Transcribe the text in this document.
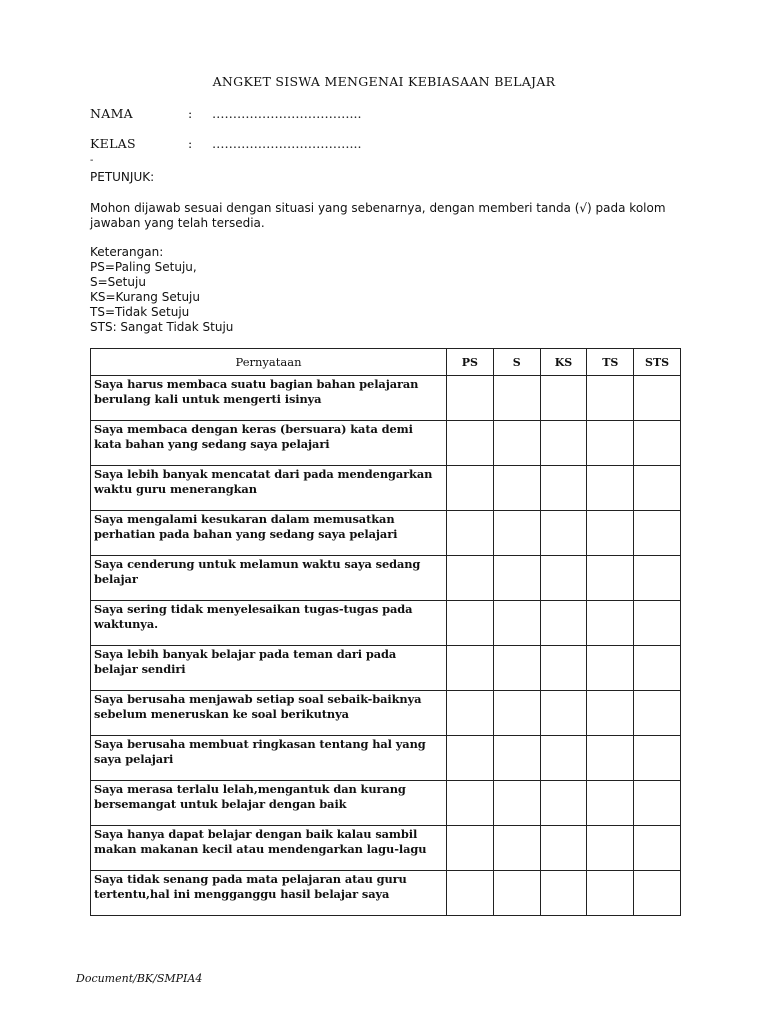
ANGKET SISWA MENGENAI KEBIASAAN BELAJAR
NAMA	: ……………………………...
KELAS	: ……………………………...
-
PETUNJUK:
Mohon dijawab sesuai dengan situasi yang sebenarnya, dengan memberi tanda (√) pada kolom jawaban yang telah tersedia.
Keterangan:
PS=Paling Setuju,
S=Setuju
KS=Kurang Setuju
TS=Tidak Setuju
STS: Sangat Tidak Stuju
Pernyataan	PS	S	KS	TS	STS
Saya harus membaca suatu bagian bahan pelajaran berulang kali untuk mengerti isinya					
Saya membaca dengan keras (bersuara) kata demi kata bahan yang sedang saya pelajari					
Saya lebih banyak mencatat dari pada mendengarkan waktu guru menerangkan					
Saya mengalami kesukaran dalam memusatkan perhatian pada bahan yang sedang saya pelajari					
Saya cenderung untuk melamun waktu saya sedang belajar					
Saya sering tidak menyelesaikan tugas-tugas pada waktunya.					
Saya lebih banyak belajar pada teman dari pada belajar sendiri					
Saya berusaha menjawab setiap soal sebaik-baiknya sebelum meneruskan ke soal berikutnya					
Saya berusaha membuat ringkasan tentang hal yang saya pelajari					
Saya merasa terlalu lelah,mengantuk dan kurang bersemangat untuk belajar dengan baik					
Saya hanya dapat belajar dengan baik kalau sambil makan makanan kecil atau mendengarkan lagu-lagu					
Saya tidak senang pada mata pelajaran atau guru tertentu,hal ini mengganggu hasil belajar saya					
Document/BK/SMPIA4
